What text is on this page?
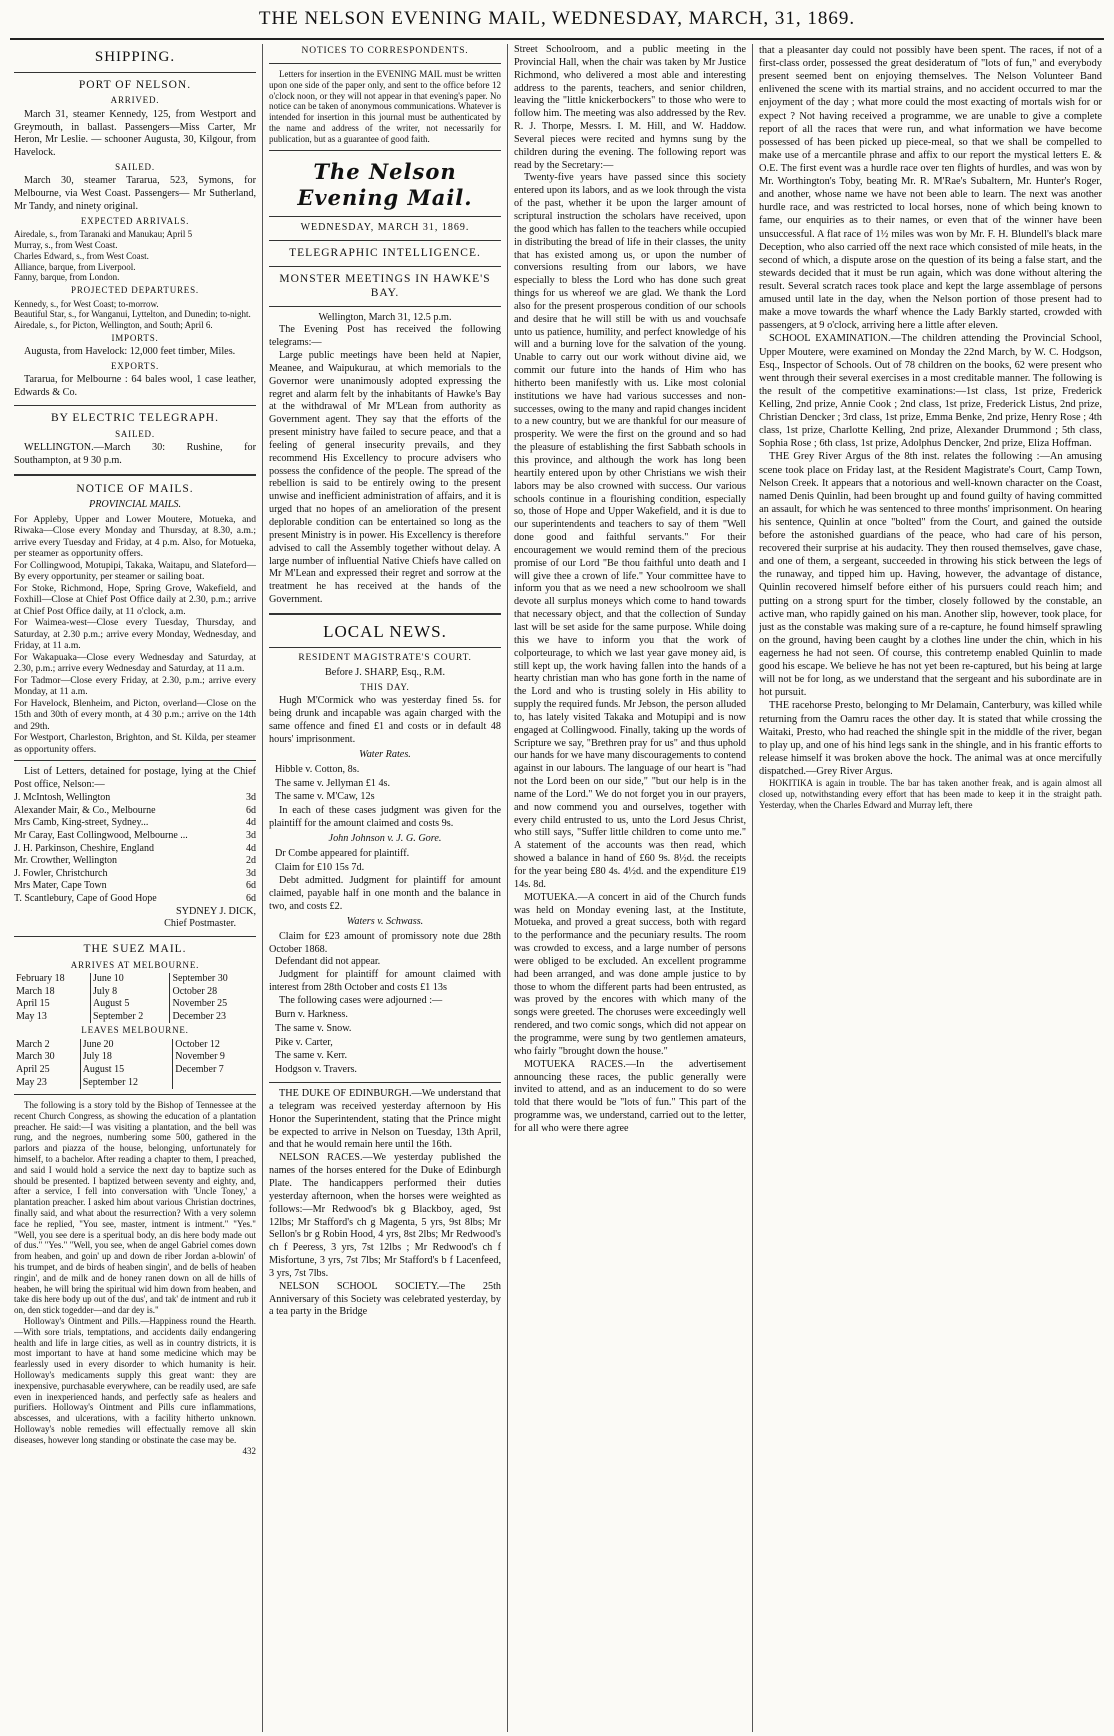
THE NELSON EVENING MAIL, WEDNESDAY, MARCH, 31, 1869.
SHIPPING.
PORT OF NELSON.
ARRIVED.

March 31, steamer Kennedy, 125, from Westport and Greymouth, in ballast. Passengers—Miss Carter, Mr Heron, Mr Leslie. — schooner Augusta, 30, Kilgour, from Havelock.

SAILED.

March 30, steamer Tararua, 523, Symons, for Melbourne, via West Coast. Passengers— Mr Sutherland, Mr Tandy, and ninety original.

EXPECTED ARRIVALS.
Airedale, s., from Taranaki and Manukau; April 5
Murray, s., from West Coast.
Charles Edward, s., from West Coast.
Alliance, barque, from Liverpool.
Fanny, barque, from London.
PROJECTED DEPARTURES.
Kennedy, s., for West Coast; to-morrow.
Beautiful Star, s., for Wanganui, Lyttelton, and Dunedin; to-night.
Airedale, s., for Picton, Wellington, and South; April 6.
IMPORTS.

Augusta, from Havelock: 12,000 feet timber, Miles.

EXPORTS.

Tararua, for Melbourne : 64 bales wool, 1 case leather, Edwards & Co.

BY ELECTRIC TELEGRAPH.
SAILED.

WELLINGTON.—March 30: Rushine, for Southampton, at 9 30 p.m.

NOTICE OF MAILS.
PROVINCIAL MAILS.

For Appleby, Upper and Lower Moutere, Motueka, and Riwaka—Close every Monday and Thursday, at 8.30, a.m.; arrive every Tuesday and Friday, at 4 p.m. Also, for Motueka, per steamer as opportunity offers.

For Collingwood, Motupipi, Takaka, Waitapu, and Slateford—By every opportunity, per steamer or sailing boat.

For Stoke, Richmond, Hope, Spring Grove, Wakefield, and Foxhill—Close at Chief Post Office daily at 2.30, p.m.; arrive at Chief Post Office daily, at 11 o'clock, a.m.

For Waimea-west—Close every Tuesday, Thursday, and Saturday, at 2.30 p.m.; arrive every Monday, Wednesday, and Friday, at 11 a.m.

For Wakapuaka—Close every Wednesday and Saturday, at 2.30, p.m.; arrive every Wednesday and Saturday, at 11 a.m.

For Tadmor—Close every Friday, at 2.30, p.m.; arrive every Monday, at 11 a.m.

For Havelock, Blenheim, and Picton, overland—Close on the 15th and 30th of every month, at 4 30 p.m.; arrive on the 14th and 29th.

For Westport, Charleston, Brighton, and St. Kilda, per steamer as opportunity offers.

List of Letters, detained for postage, lying at the Chief Post office, Nelson:—

J. McIntosh, Wellington	3d
Alexander Mair, & Co., Melbourne	6d
Mrs Camb, King-street, Sydney...	4d
Mr Caray, East Collingwood, Melbourne ...	3d
J. H. Parkinson, Cheshire, England	4d
Mr. Crowther, Wellington	2d
J. Fowler, Christchurch	3d
Mrs Mater, Cape Town	6d
T. Scantlebury, Cape of Good Hope	6d
SYDNEY J. DICK,
Chief Postmaster.
THE SUEZ MAIL.
ARRIVES AT MELBOURNE.
February 18	June 10	September 30
March 18	July 8	October 28
April 15	August 5	November 25
May 13	September 2	December 23
LEAVES MELBOURNE.
March 2	June 20	October 12
March 30	July 18	November 9
April 25	August 15	December 7
May 23	September 12	

The following is a story told by the Bishop of Tennessee at the recent Church Congress, as showing the education of a plantation preacher. He said:—I was visiting a plantation, and the bell was rung, and the negroes, numbering some 500, gathered in the parlors and piazza of the house, belonging, unfortunately for himself, to a bachelor. After reading a chapter to them, I preached, and said I would hold a service the next day to baptize such as should be presented. I baptized between seventy and eighty, and, after a service, I fell into conversation with 'Uncle Toney,' a plantation preacher. I asked him about various Christian doctrines, finally said, and what about the resurrection? With a very solemn face he replied, "You see, master, intment is intment." "Yes." "Well, you see dere is a speritual body, an dis here body made out of dus." "Yes." "Well, you see, when de angel Gabriel comes down from heaben, and goin' up and down de riber Jordan a-blowin' of his trumpet, and de birds of heaben singin', and de bells of heaben ringin', and de milk and de honey ranen down on all de hills of heaben, he will bring the spiritual wid him down from heaben, and take dis here body up out of the dus', and tak' de intment and rub it on, den stick togedder—and dar dey is."

Holloway's Ointment and Pills.—Happiness round the Hearth.—With sore trials, temptations, and accidents daily endangering health and life in large cities, as well as in country districts, it is most important to have at hand some medicine which may be fearlessly used in every disorder to which humanity is heir. Holloway's medicaments supply this great want: they are inexpensive, purchasable everywhere, can be readily used, are safe even in inexperienced hands, and perfectly safe as healers and purifiers. Holloway's Ointment and Pills cure inflammations, abscesses, and ulcerations, with a facility hitherto unknown. Holloway's noble remedies will effectually remove all skin diseases, however long standing or obstinate the case may be.

432
NOTICES TO CORRESPONDENTS.

Letters for insertion in the EVENING MAIL must be written upon one side of the paper only, and sent to the office before 12 o'clock noon, or they will not appear in that evening's paper. No notice can be taken of anonymous communications. Whatever is intended for insertion in this journal must be authenticated by the name and address of the writer, not necessarily for publication, but as a guarantee of good faith.

The Nelson Evening Mail.
WEDNESDAY, MARCH 31, 1869.
TELEGRAPHIC INTELLIGENCE.
MONSTER MEETINGS IN HAWKE'S BAY.
Wellington, March 31, 12.5 p.m.

The Evening Post has received the following telegrams:—

Large public meetings have been held at Napier, Meanee, and Waipukurau, at which memorials to the Governor were unanimously adopted expressing the regret and alarm felt by the inhabitants of Hawke's Bay at the withdrawal of Mr M'Lean from authority as Government agent. They say that the efforts of the present ministry have failed to secure peace, and that a feeling of general insecurity prevails, and they recommend His Excellency to procure advisers who possess the confidence of the people. The spread of the rebellion is said to be entirely owing to the present unwise and inefficient administration of affairs, and it is urged that no hopes of an amelioration of the present deplorable condition can be entertained so long as the present Ministry is in power. His Excellency is therefore advised to call the Assembly together without delay. A large number of influential Native Chiefs have called on Mr M'Lean and expressed their regret and sorrow at the treatment he has received at the hands of the Government.

LOCAL NEWS.
RESIDENT MAGISTRATE'S COURT.
Before J. SHARP, Esq., R.M.
THIS DAY.

Hugh M'Cormick who was yesterday fined 5s. for being drunk and incapable was again charged with the same offence and fined £1 and costs or in default 48 hours' imprisonment.

Water Rates.
Hibble v. Cotton, 8s.
The same v. Jellyman £1 4s.
The same v. M'Caw, 12s

In each of these cases judgment was given for the plaintiff for the amount claimed and costs 9s.

John Johnson v. J. G. Gore.
Dr Combe appeared for plaintiff.
Claim for £10 15s 7d.

Debt admitted. Judgment for plaintiff for amount claimed, payable half in one month and the balance in two, and costs £2.

Waters v. Schwass.

Claim for £23 amount of promissory note due 28th October 1868.

Defendant did not appear.

Judgment for plaintiff for amount claimed with interest from 28th October and costs £1 13s

The following cases were adjourned :—

Burn v. Harkness.
The same v. Snow.
Pike v. Carter,
The same v. Kerr.
Hodgson v. Travers.

THE DUKE OF EDINBURGH.—We understand that a telegram was received yesterday afternoon by His Honor the Superintendent, stating that the Prince might be expected to arrive in Nelson on Tuesday, 13th April, and that he would remain here until the 16th.

NELSON RACES.—We yesterday published the names of the horses entered for the Duke of Edinburgh Plate. The handicappers performed their duties yesterday afternoon, when the horses were weighted as follows:—Mr Redwood's bk g Blackboy, aged, 9st 12lbs; Mr Stafford's ch g Magenta, 5 yrs, 9st 8lbs; Mr Sellon's br g Robin Hood, 4 yrs, 8st 2lbs; Mr Redwood's ch f Peeress, 3 yrs, 7st 12lbs ; Mr Redwood's ch f Misfortune, 3 yrs, 7st 7lbs; Mr Stafford's b f Lacenfeed, 3 yrs, 7st 7lbs.

NELSON SCHOOL SOCIETY.—The 25th Anniversary of this Society was celebrated yesterday, by a tea party in the Bridge

Street Schoolroom, and a public meeting in the Provincial Hall, when the chair was taken by Mr Justice Richmond, who delivered a most able and interesting address to the parents, teachers, and senior children, leaving the "little knickerbockers" to those who were to follow him. The meeting was also addressed by the Rev. R. J. Thorpe, Messrs. I. M. Hill, and W. Haddow. Several pieces were recited and hymns sung by the children during the evening. The following report was read by the Secretary:—

Twenty-five years have passed since this society entered upon its labors, and as we look through the vista of the past, whether it be upon the larger amount of scriptural instruction the scholars have received, upon the good which has fallen to the teachers while occupied in distributing the bread of life in their classes, the unity that has existed among us, or upon the number of conversions resulting from our labors, we have especially to bless the Lord who has done such great things for us whereof we are glad. We thank the Lord also for the present prosperous condition of our schools and desire that he will still be with us and vouchsafe unto us patience, humility, and perfect knowledge of his will and a burning love for the salvation of the young. Unable to carry out our work without divine aid, we commit our future into the hands of Him who has hitherto been manifestly with us. Like most colonial institutions we have had various successes and non-successes, owing to the many and rapid changes incident to a new country, but we are thankful for our measure of prosperity. We were the first on the ground and so had the pleasure of establishing the first Sabbath schools in this province, and although the work has long been heartily entered upon by other Christians we wish their labors may be also crowned with success. Our various schools continue in a flourishing condition, especially so, those of Hope and Upper Wakefield, and it is due to our superintendents and teachers to say of them "Well done good and faithful servants." For their encouragement we would remind them of the precious promise of our Lord "Be thou faithful unto death and I will give thee a crown of life." Your committee have to inform you that as we need a new schoolroom we shall devote all surplus moneys which come to hand towards that necessary object, and that the collection of Sunday last will be set aside for the same purpose. While doing this we have to inform you that the work of colporteurage, to which we last year gave money aid, is still kept up, the work having fallen into the hands of a hearty christian man who has gone forth in the name of the Lord and who is trusting solely in His ability to supply the required funds. Mr Jebson, the person alluded to, has lately visited Takaka and Motupipi and is now engaged at Collingwood. Finally, taking up the words of Scripture we say, "Brethren pray for us" and thus uphold our hands for we have many discouragements to contend against in our labours. The language of our heart is "had not the Lord been on our side," "but our help is in the name of the Lord." We do not forget you in our prayers, and now commend you and ourselves, together with every child entrusted to us, unto the Lord Jesus Christ, who still says, "Suffer little children to come unto me." A statement of the accounts was then read, which showed a balance in hand of £60 9s. 8½d. the receipts for the year being £80 4s. 4½d. and the expenditure £19 14s. 8d.

MOTUEKA.—A concert in aid of the Church funds was held on Monday evening last, at the Institute, Motueka, and proved a great success, both with regard to the performance and the pecuniary results. The room was crowded to excess, and a large number of persons were obliged to be excluded. An excellent programme had been arranged, and was done ample justice to by those to whom the different parts had been entrusted, as was proved by the encores with which many of the songs were greeted. The choruses were exceedingly well rendered, and two comic songs, which did not appear on the programme, were sung by two gentlemen amateurs, who fairly "brought down the house."

MOTUEKA RACES.—In the advertisement announcing these races, the public generally were invited to attend, and as an inducement to do so were told that there would be "lots of fun." This part of the programme was, we understand, carried out to the letter, for all who were there agree

that a pleasanter day could not possibly have been spent. The races, if not of a first-class order, possessed the great desideratum of "lots of fun," and everybody present seemed bent on enjoying themselves. The Nelson Volunteer Band enlivened the scene with its martial strains, and no accident occurred to mar the enjoyment of the day ; what more could the most exacting of mortals wish for or expect ? Not having received a programme, we are unable to give a complete report of all the races that were run, and what information we have become possessed of has been picked up piece-meal, so that we shall be compelled to make use of a mercantile phrase and affix to our report the mystical letters E. & O.E. The first event was a hurdle race over ten flights of hurdles, and was won by Mr. Worthington's Toby, beating Mr. R. M'Rae's Subaltern, Mr. Hunter's Roger, and another, whose name we have not been able to learn. The next was another hurdle race, and was restricted to local horses, none of which being known to fame, our enquiries as to their names, or even that of the winner have been unsuccessful. A flat race of 1½ miles was won by Mr. F. H. Blundell's black mare Deception, who also carried off the next race which consisted of mile heats, in the second of which, a dispute arose on the question of its being a false start, and the stewards decided that it must be run again, which was done without altering the result. Several scratch races took place and kept the large assemblage of persons amused until late in the day, when the Nelson portion of those present had to make a move towards the wharf whence the Lady Barkly started, crowded with passengers, at 9 o'clock, arriving here a little after eleven.

SCHOOL EXAMINATION.—The children attending the Provincial School, Upper Moutere, were examined on Monday the 22nd March, by W. C. Hodgson, Esq., Inspector of Schools. Out of 78 children on the books, 62 were present who went through their several exercises in a most creditable manner. The following is the result of the competitive examinations:—1st class, 1st prize, Frederick Kelling, 2nd prize, Annie Cook ; 2nd class, 1st prize, Frederick Listus, 2nd prize, Christian Dencker ; 3rd class, 1st prize, Emma Benke, 2nd prize, Henry Rose ; 4th class, 1st prize, Charlotte Kelling, 2nd prize, Alexander Drummond ; 5th class, Sophia Rose ; 6th class, 1st prize, Adolphus Dencker, 2nd prize, Eliza Hoffman.

THE Grey River Argus of the 8th inst. relates the following :—An amusing scene took place on Friday last, at the Resident Magistrate's Court, Camp Town, Nelson Creek. It appears that a notorious and well-known character on the Coast, named Denis Quinlin, had been brought up and found guilty of having committed an assault, for which he was sentenced to three months' imprisonment. On hearing his sentence, Quinlin at once "bolted" from the Court, and gained the outside before the astonished guardians of the peace, who had care of his person, recovered their surprise at his audacity. They then roused themselves, gave chase, and one of them, a sergeant, succeeded in throwing his stick between the legs of the runaway, and tipped him up. Having, however, the advantage of distance, Quinlin recovered himself before either of his pursuers could reach him; and putting on a strong spurt for the timber, closely followed by the constable, an active man, who rapidly gained on his man. Another slip, however, took place, for just as the constable was making sure of a re-capture, he found himself sprawling on the ground, having been caught by a clothes line under the chin, which in his eagerness he had not seen. Of course, this contretemp enabled Quinlin to made good his escape. We believe he has not yet been re-captured, but his being at large will not be for long, as we understand that the sergeant and his subordinate are in hot pursuit.

THE racehorse Presto, belonging to Mr Delamain, Canterbury, was killed while returning from the Oamru races the other day. It is stated that while crossing the Waitaki, Presto, who had reached the shingle spit in the middle of the river, began to play up, and one of his hind legs sank in the shingle, and in his frantic efforts to release himself it was broken above the hock. The animal was at once mercifully dispatched.—Grey River Argus.

HOKITIKA is again in trouble. The bar has taken another freak, and is again almost all closed up, notwithstanding every effort that has been made to keep it in the straight path. Yesterday, when the Charles Edward and Murray left, there
